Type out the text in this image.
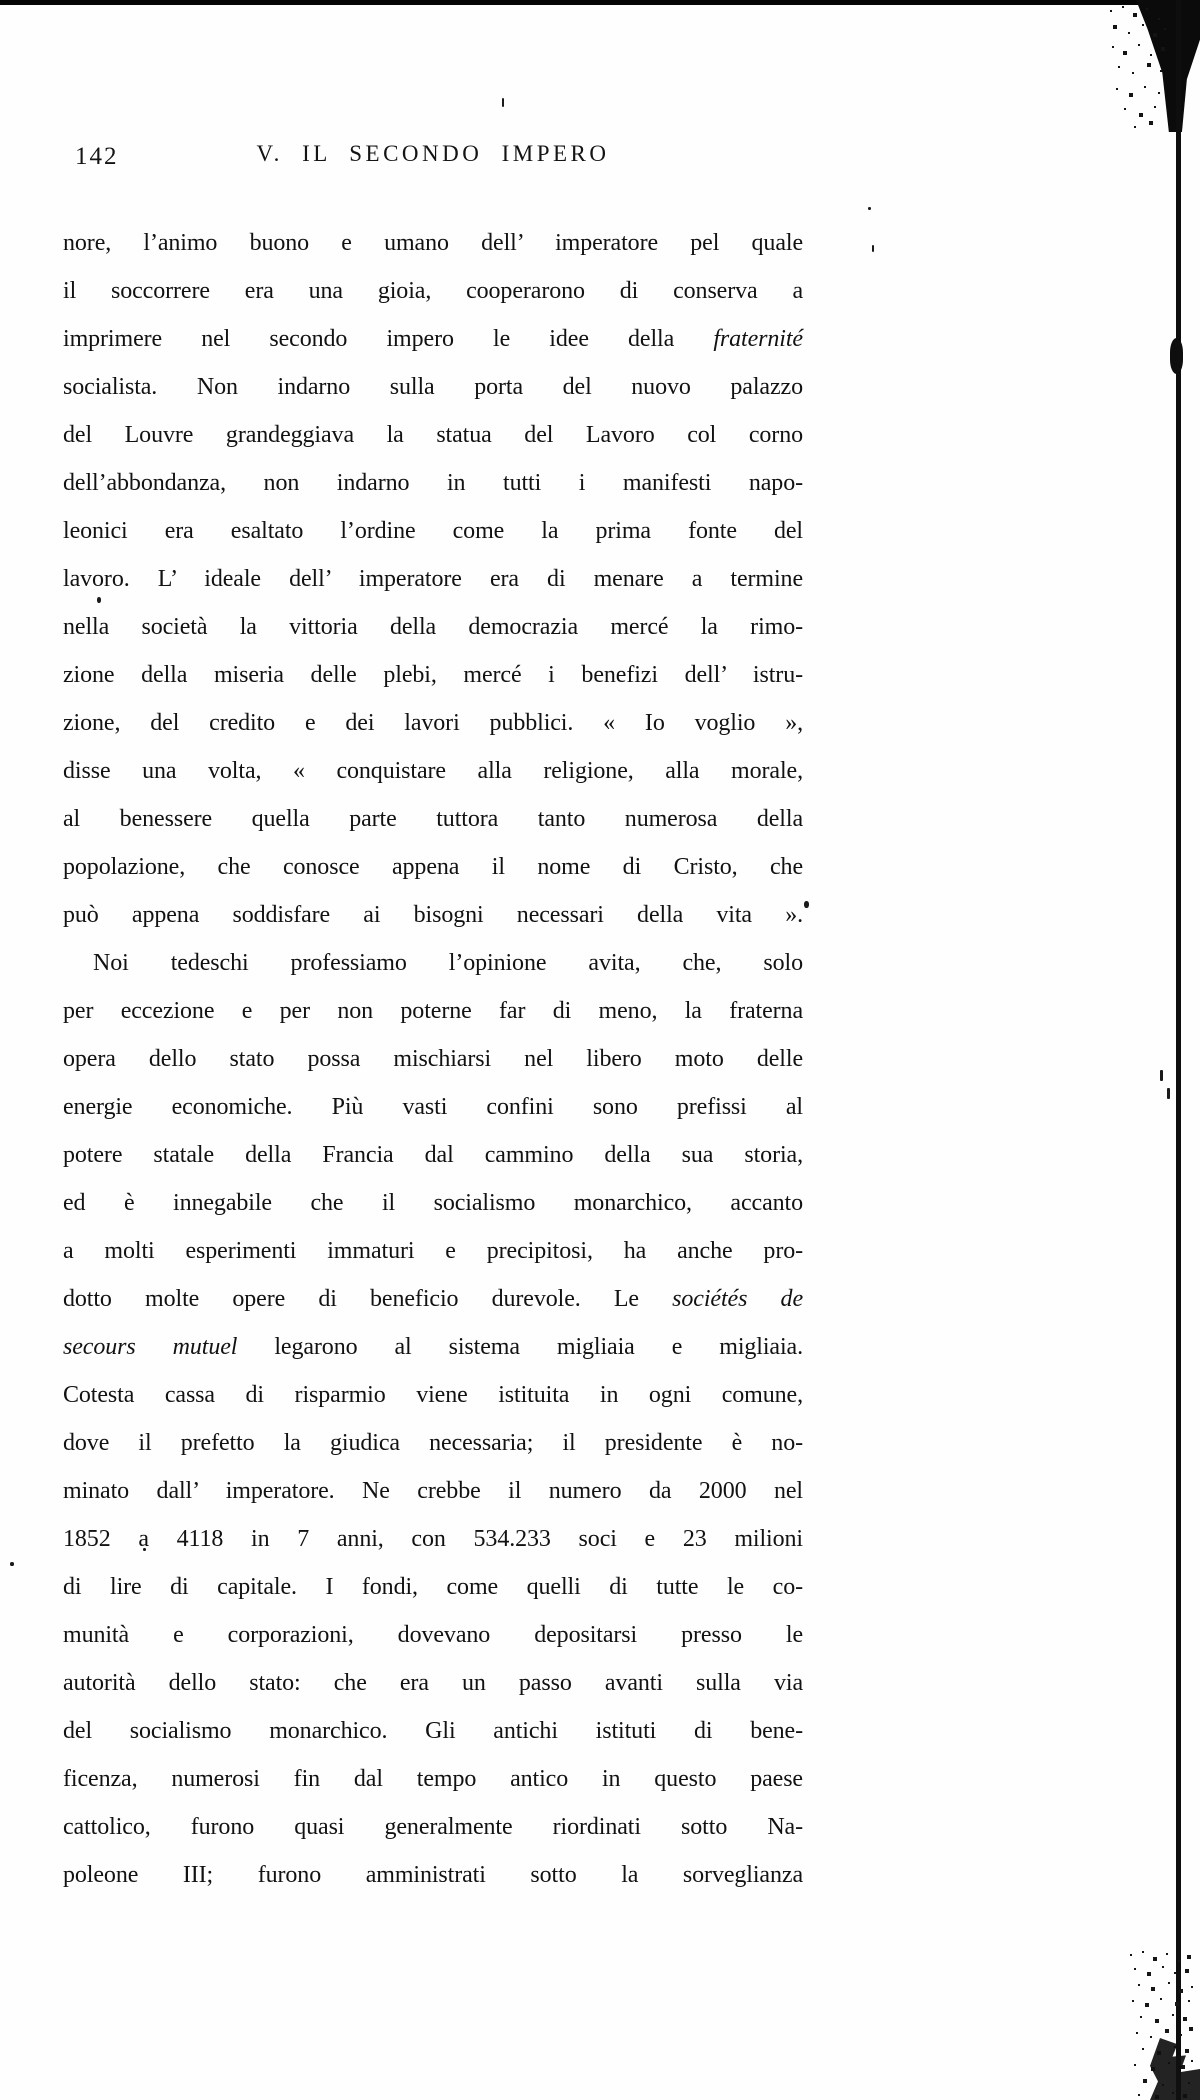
142	V. IL SECONDO IMPERO
nore, l’animo buono e umano dell’ imperatore pel quale
il soccorrere era una gioia, cooperarono di conserva a
imprimere nel secondo impero le idee della fraternité
socialista. Non indarno sulla porta del nuovo palazzo
del Louvre grandeggiava la statua del Lavoro col corno
dell’abbondanza, non indarno in tutti i manifesti napo-
leonici era esaltato l’ordine come la prima fonte del
lavoro. L’ ideale dell’ imperatore era di menare a termine
nella società la vittoria della democrazia mercé la rimo-
zione della miseria delle plebi, mercé i benefizi dell’ istru-
zione, del credito e dei lavori pubblici. « Io voglio »,
disse una volta, « conquistare alla religione, alla morale,
al benessere quella parte tuttora tanto numerosa della
popolazione, che conosce appena il nome di Cristo, che
può appena soddisfare ai bisogni necessari della vita ».
Noi tedeschi professiamo l’opinione avita, che, solo
per eccezione e per non poterne far di meno, la fraterna
opera dello stato possa mischiarsi nel libero moto delle
energie economiche. Più vasti confini sono prefissi al
potere statale della Francia dal cammino della sua storia,
ed è innegabile che il socialismo monarchico, accanto
a molti esperimenti immaturi e precipitosi, ha anche pro-
dotto molte opere di beneficio durevole. Le sociétés de
secours mutuel legarono al sistema migliaia e migliaia.
Cotesta cassa di risparmio viene istituita in ogni comune,
dove il prefetto la giudica necessaria; il presidente è no-
minato dall’ imperatore. Ne crebbe il numero da 2000 nel
1852 a 4118 in 7 anni, con 534.233 soci e 23 milioni
di lire di capitale. I fondi, come quelli di tutte le co-
munità e corporazioni, dovevano depositarsi presso le
autorità dello stato: che era un passo avanti sulla via
del socialismo monarchico. Gli antichi istituti di bene-
ficenza, numerosi fin dal tempo antico in questo paese
cattolico, furono quasi generalmente riordinati sotto Na-
poleone III; furono amministrati sotto la sorveglianza
